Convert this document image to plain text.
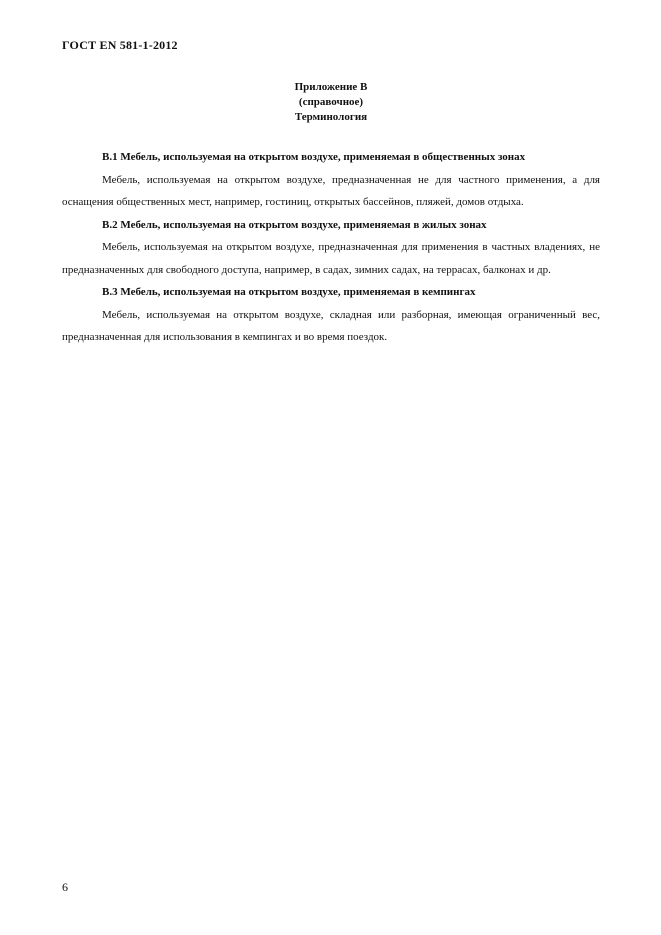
ГОСТ EN 581-1-2012
Приложение В
(справочное)
Терминология

В.1 Мебель, используемая на открытом воздухе, применяемая в общественных зонах

Мебель, используемая на открытом воздухе, предназначенная не для частного применения, а для оснащения общественных мест, например, гостиниц, открытых бассейнов, пляжей, домов отдыха.

В.2 Мебель, используемая на открытом воздухе, применяемая в жилых зонах

Мебель, используемая на открытом воздухе, предназначенная для применения в частных владениях, не предназначенных для свободного доступа, например, в садах, зимних садах, на террасах, балконах и др.

В.3 Мебель, используемая на открытом воздухе, применяемая в кемпингах

Мебель, используемая на открытом воздухе, складная или разборная, имеющая ограниченный вес, предназначенная для использования в кемпингах и во время поездок.

6
